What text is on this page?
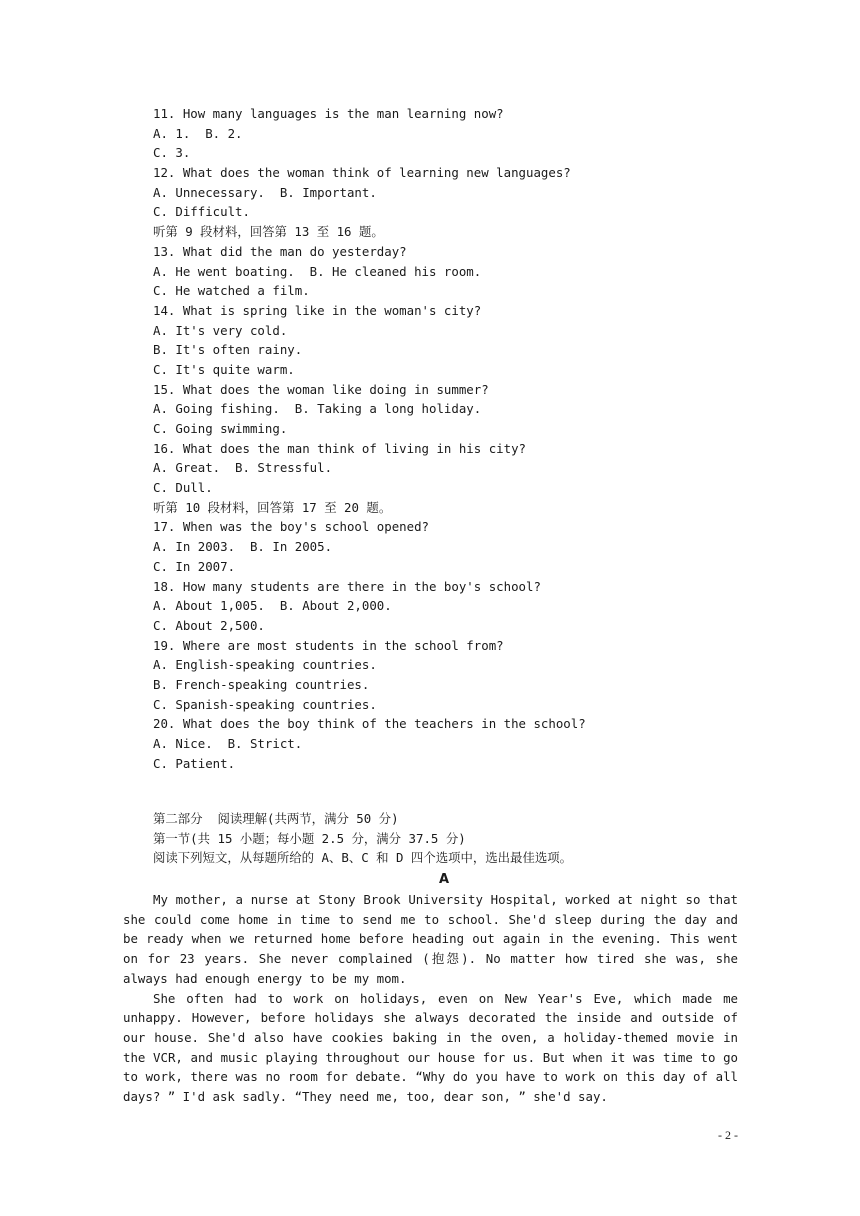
11. How many languages is the man learning now?
A. 1.  B. 2.
C. 3.
12. What does the woman think of learning new languages?
A. Unnecessary.  B. Important.
C. Difficult.
听第 9 段材料，回答第 13 至 16 题。
13. What did the man do yesterday?
A. He went boating.  B. He cleaned his room.
C. He watched a film.
14. What is spring like in the woman's city?
A. It's very cold.
B. It's often rainy.
C. It's quite warm.
15. What does the woman like doing in summer?
A. Going fishing.  B. Taking a long holiday.
C. Going swimming.
16. What does the man think of living in his city?
A. Great.  B. Stressful.
C. Dull.
听第 10 段材料，回答第 17 至 20 题。
17. When was the boy's school opened?
A. In 2003.  B. In 2005.
C. In 2007.
18. How many students are there in the boy's school?
A. About 1,005.  B. About 2,000.
C. About 2,500.
19. Where are most students in the school from?
A. English-speaking countries.
B. French-speaking countries.
C. Spanish-speaking countries.
20. What does the boy think of the teachers in the school?
A. Nice.  B. Strict.
C. Patient.
第二部分  阅读理解(共两节，满分 50 分)
第一节(共 15 小题；每小题 2.5 分，满分 37.5 分)
阅读下列短文，从每题所给的 A、B、C 和 D 四个选项中，选出最佳选项。
A

My mother, a nurse at Stony Brook University Hospital, worked at night so that she could come home in time to send me to school. She'd sleep during the day and be ready when we returned home before heading out again in the evening. This went on for 23 years. She never complained (抱怨). No matter how tired she was, she always had enough energy to be my mom.

She often had to work on holidays, even on New Year's Eve, which made me unhappy. However, before holidays she always decorated the inside and outside of our house. She'd also have cookies baking in the oven, a holiday-themed movie in the VCR, and music playing throughout our house for us. But when it was time to go to work, there was no room for debate. “Why do you have to work on this day of all days? ” I'd ask sadly. “They need me, too, dear son, ” she'd say.

- 2 -
